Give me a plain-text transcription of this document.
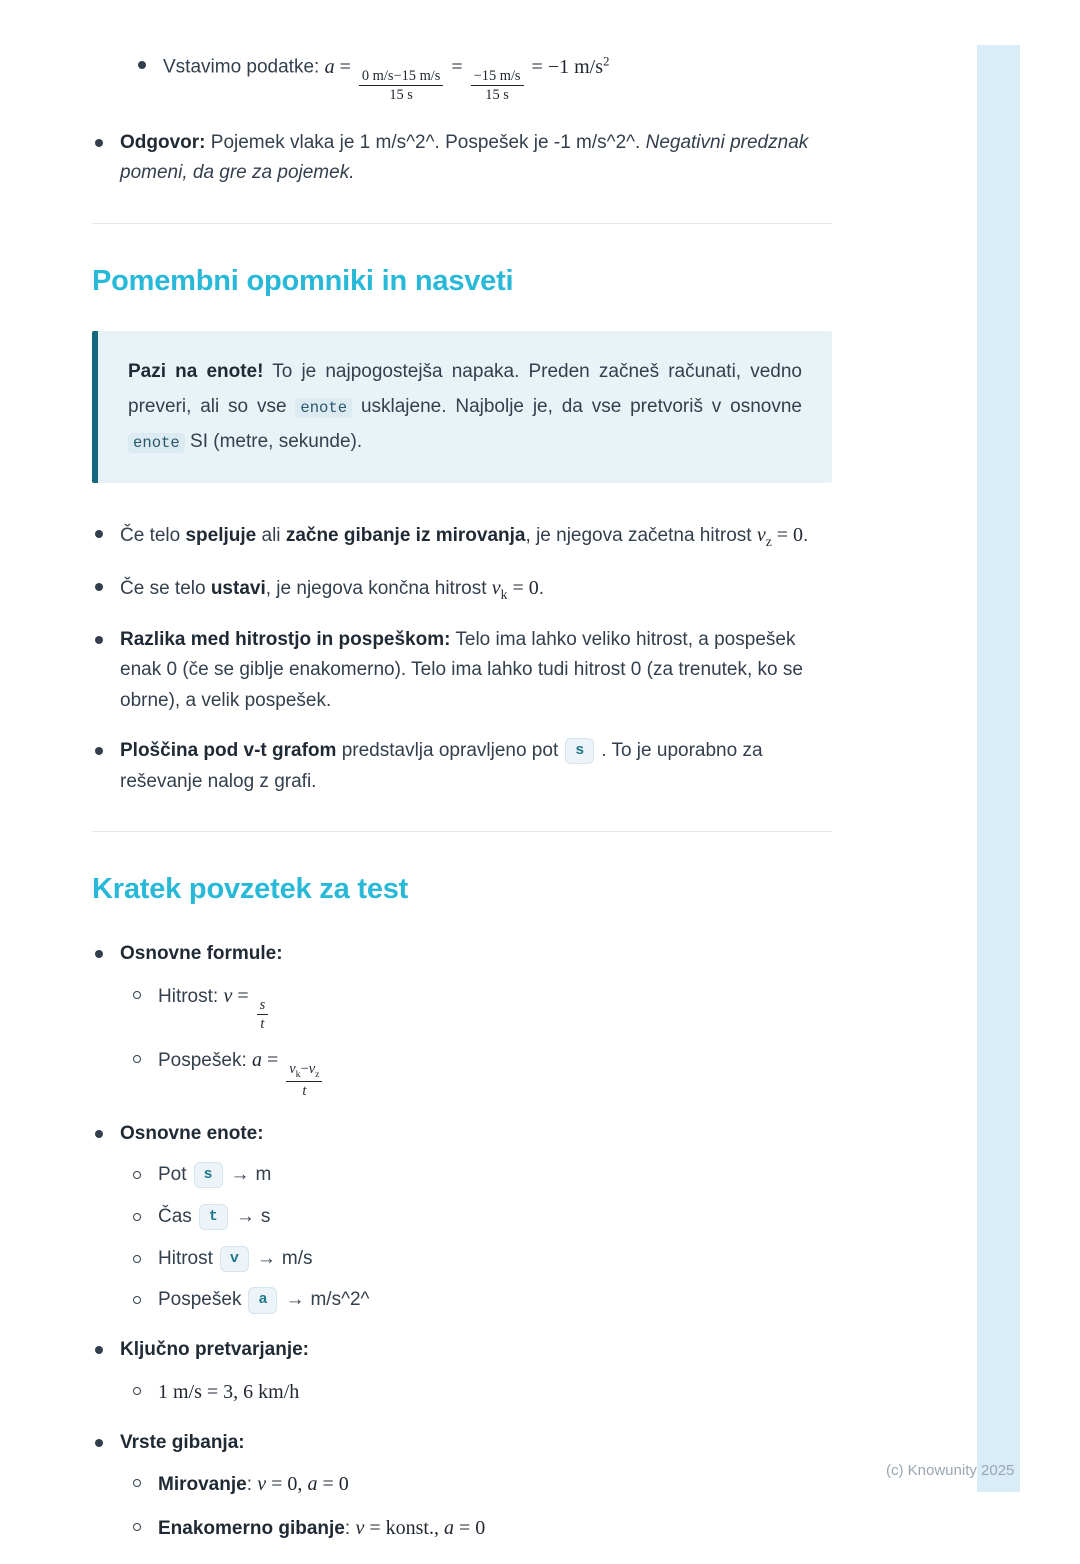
Vstavimo podatke: $a = \frac{0 m/s-15 m/s}{15 s} = \frac{-15 m/s}{15 s} = -1$ $m/s^2$
Odgovor: Pojemek vlaka je 1 m/s^2^. Pospešek je -1 m/s^2^. Negativni predznak pomeni, da gre za pojemek.
Pomembni opomniki in nasveti
Pazi na enote! To je najpogostejša napaka. Preden začneš računati, vedno preveri, ali so vse enote usklajene. Najbolje je, da vse pretvoriš v osnovne enote SI (metre, sekunde).
Če telo speljuje ali začne gibanje iz mirovanja, je njegova začetna hitrost $v_z = 0$.
Če se telo ustavi, je njegova končna hitrost $v_k = 0$.
Razlika med hitrostjo in pospeškom: Telo ima lahko veliko hitrost, a pospešek enak 0 (če se giblje enakomerno). Telo ima lahko tudi hitrost 0 (za trenutek, ko se obrne), a velik pospešek.
Ploščina pod v-t grafom predstavlja opravljeno pot s . To je uporabno za reševanje nalog z grafi.
Kratek povzetek za test
Osnovne formule:
Hitrost: $v = \frac{s}{t}$
Pospešek: $a = \frac{v_k-v_z}{t}$
Osnovne enote:
Pot s → m
Čas t → s
Hitrost v → m/s
Pospešek a → m/s^2^
Ključno pretvarjanje:
1 m/s = 3, 6 km/h
Vrste gibanja:
Mirovanje: v = 0, a = 0
Enakomerno gibanje: v = konst., a = 0
(c) Knowunity 2025
